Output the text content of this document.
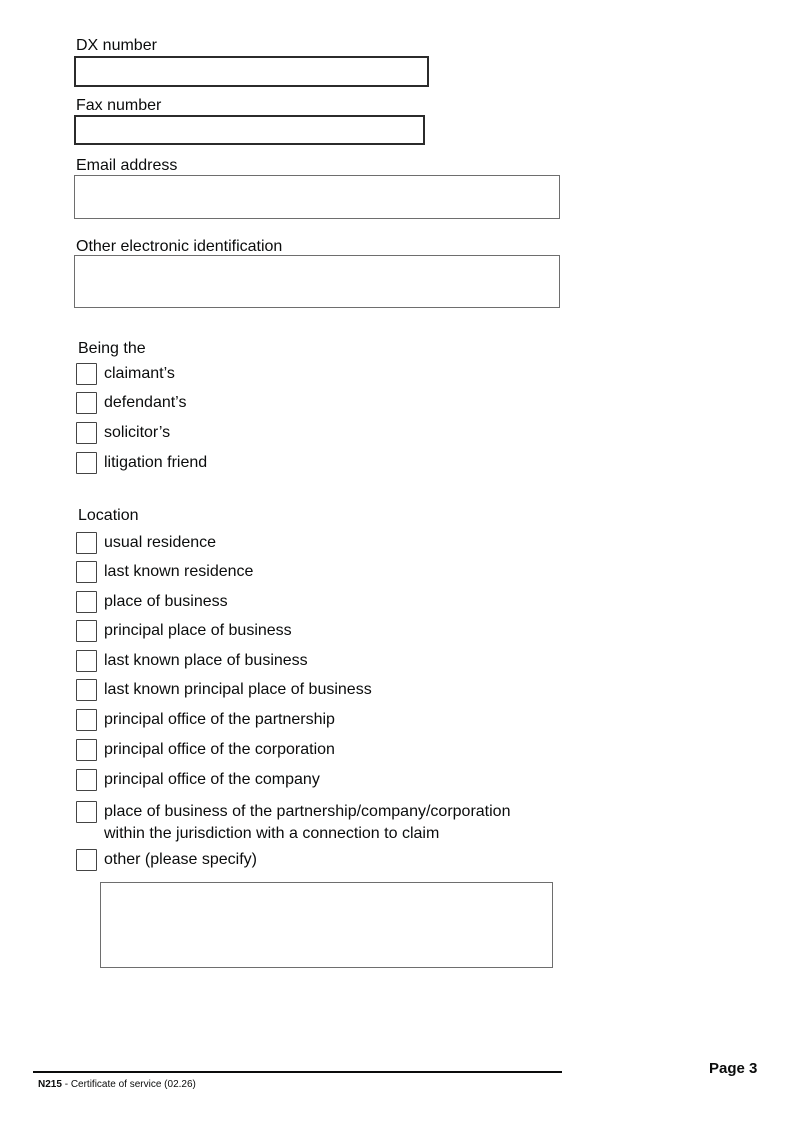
DX number
Fax number
Email address
Other electronic identification
Being the
claimant’s
defendant’s
solicitor’s
litigation friend
Location
usual residence
last known residence
place of business
principal place of business
last known place of business
last known principal place of business
principal office of the partnership
principal office of the corporation
principal office of the company
place of business of the partnership/company/corporation within the jurisdiction with a connection to claim
other (please specify)
N215 - Certificate of service (02.26)
Page 3
